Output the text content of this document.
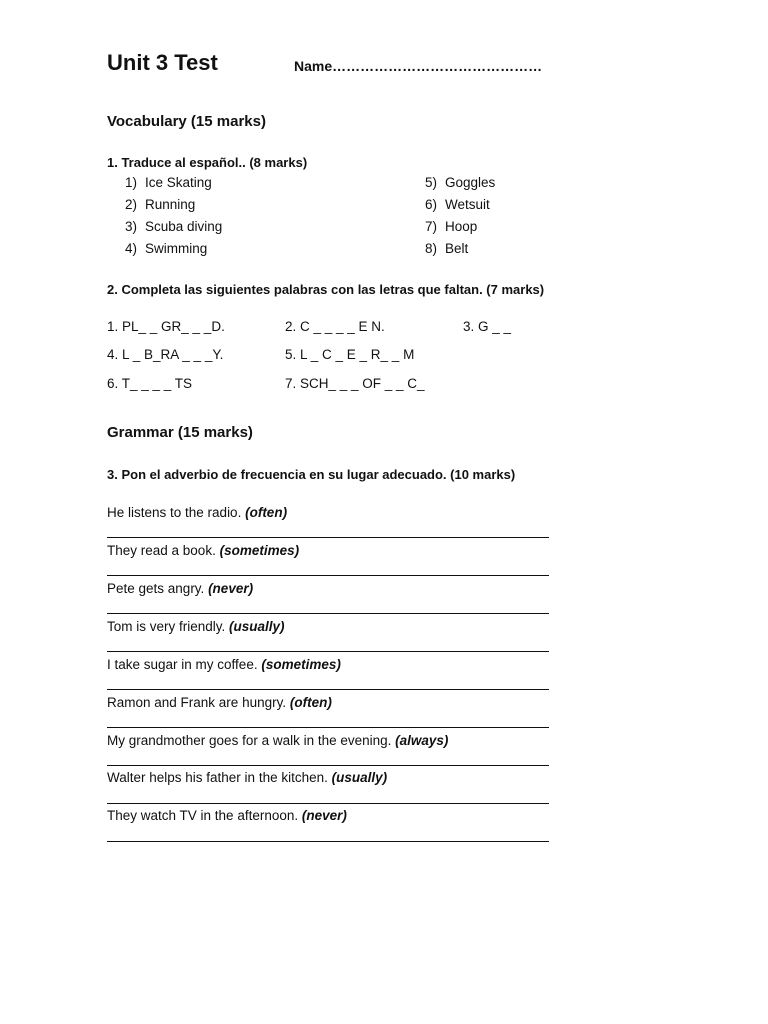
Unit 3 Test	Name………………………………………
Vocabulary (15 marks)
1. Traduce al español.. (8 marks)
1) Ice Skating
2) Running
3) Scuba diving
4) Swimming
5) Goggles
6) Wetsuit
7) Hoop
8) Belt
2. Completa las siguientes palabras con las letras que faltan. (7 marks)
1. PL_ _ GR_ _ _D.	2. C _ _ _ _ E N.	3. G _ _
4. L _ B_RA _ _ _Y.	5. L _ C _ E _ R_ _ M
6. T_ _ _ _ TS	7. SCH_ _ _ OF _ _ C_
Grammar (15 marks)
3. Pon el adverbio de frecuencia en su lugar adecuado. (10 marks)
He listens to the radio. (often)
They read a book. (sometimes)
Pete gets angry. (never)
Tom is very friendly. (usually)
I take sugar in my coffee. (sometimes)
Ramon and Frank are hungry. (often)
My grandmother goes for a walk in the evening. (always)
Walter helps his father in the kitchen. (usually)
They watch TV in the afternoon. (never)
